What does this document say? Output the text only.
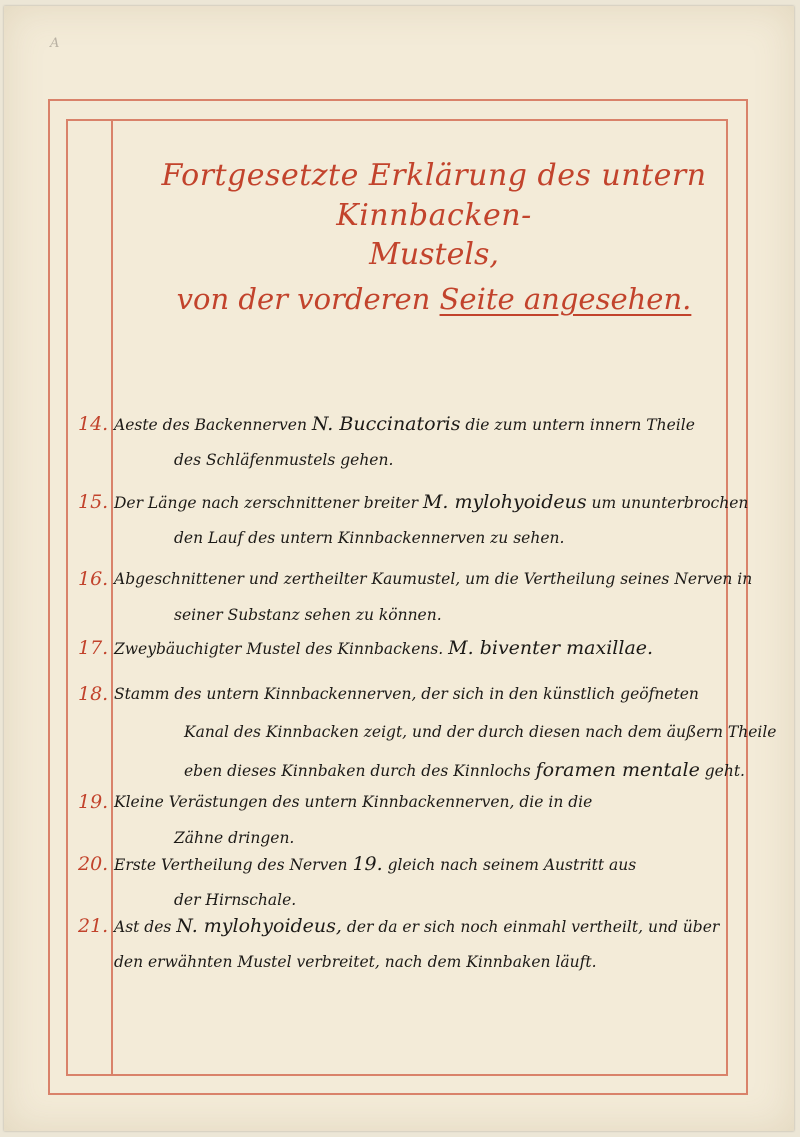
A
Fortgesetzte Erklärung des untern Kinnbacken-
Mustels,
von der vorderen Seite angesehen.
14. Aeste des Backennerven N. Buccinatoris die zum untern innern Theile
des Schläfenmustels gehen.
15. Der Länge nach zerschnittener breiter M. mylohyoideus um ununterbrochen
den Lauf des untern Kinnbackennerven zu sehen.
16. Abgeschnittener und zertheilter Kaumustel, um die Vertheilung seines Nerven in
seiner Substanz sehen zu können.
17. Zweybäuchigter Mustel des Kinnbackens. M. biventer maxillae.
18. Stamm des untern Kinnbackennerven, der sich in den künstlich geöfneten
Kanal des Kinnbacken zeigt, und der durch diesen nach dem äußern Theile
eben dieses Kinnbaken durch des Kinnlochs foramen mentale geht.
19. Kleine Verästungen des untern Kinnbackennerven, die in die
Zähne dringen.
20. Erste Vertheilung des Nerven 19. gleich nach seinem Austritt aus
der Hirnschale.
21. Ast des N. mylohyoideus, der da er sich noch einmahl vertheilt, und über
den erwähnten Mustel verbreitet, nach dem Kinnbaken läuft.
